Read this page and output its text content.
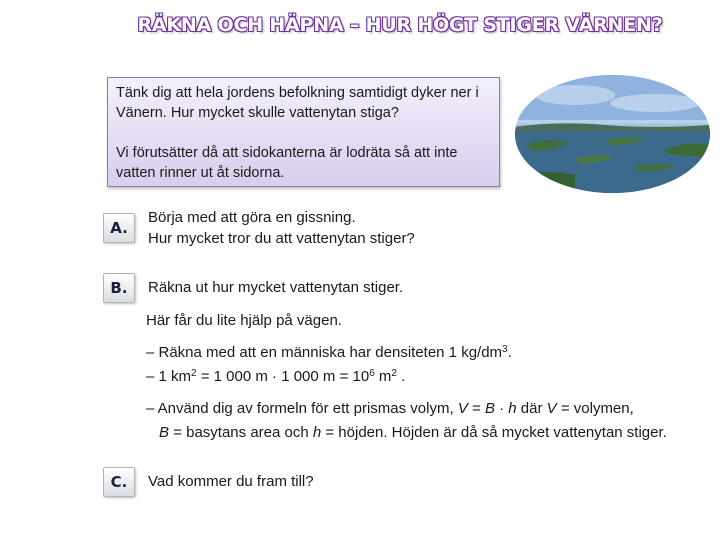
RÄKNA OCH HÄPNA – HUR HÖGT STIGER VÄRNEN?

Tänk dig att hela jordens befolkning samtidigt dyker ner i Vänern. Hur mycket skulle vattenytan stiga?

Vi förutsätter då att sidokanterna är lodräta så att inte vatten rinner ut åt sidorna.

A.
Börja med att göra en gissning.
Hur mycket tror du att vattenytan stiger?
B.	Räkna ut hur mycket vattenytan stiger.
Här får du lite hjälp på vägen.
– Räkna med att en människa har densiteten 1 $kg/dm^3$.
– 1 $km^2 = 1$ 000 m · 1 000 $m = 10^6$ $m^2$ .
– Använd dig av formeln för ett prismas volym, V = B · h där V = volymen,
B = basytans area och h = höjden. Höjden är då så mycket vattenytan stiger.
C.	Vad kommer du fram till?
